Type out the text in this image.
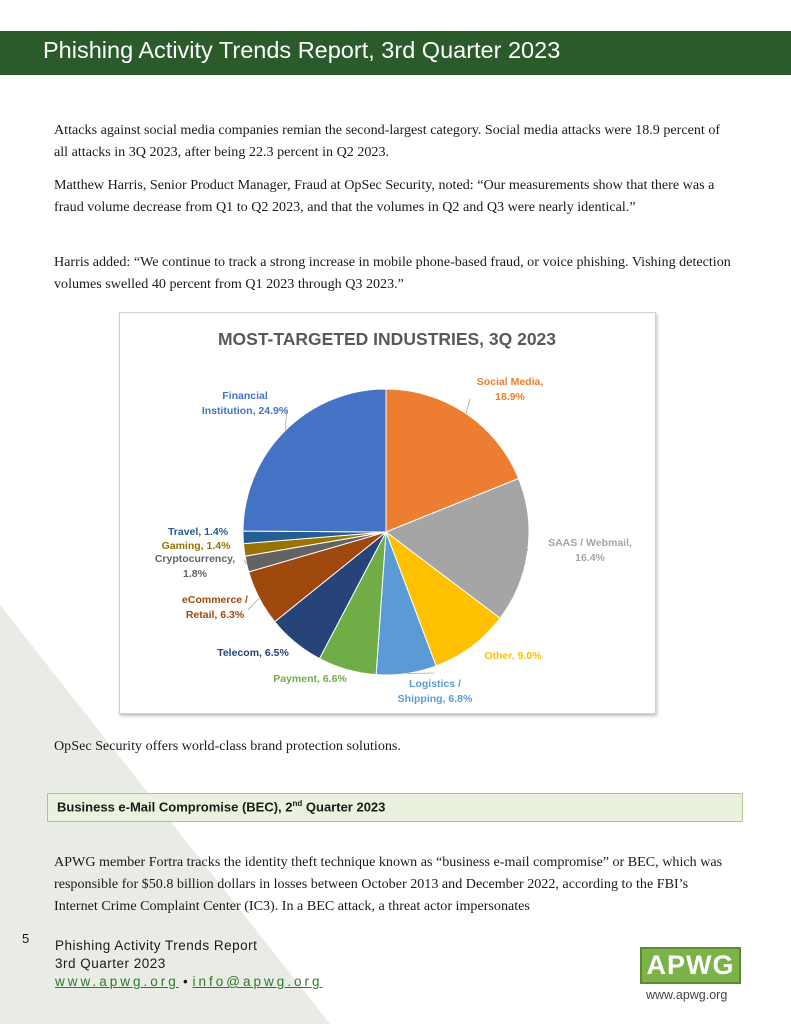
Phishing Activity Trends Report, 3rd Quarter 2023

Attacks against social media companies remian the second-largest category. Social media attacks were 18.9 percent of all attacks in 3Q 2023, after being 22.3 percent in Q2 2023.

Matthew Harris, Senior Product Manager, Fraud at OpSec Security, noted: “Our measurements show that there was a fraud volume decrease from Q1 to Q2 2023, and that the volumes in Q2 and Q3 were nearly identical.”

Harris added: “We continue to track a strong increase in mobile phone-based fraud, or voice phishing. Vishing detection volumes swelled 40 percent from Q1 2023 through Q3 2023.”

MOST-TARGETED INDUSTRIES, 3Q 2023
Social Media, 18.9%
SAAS / Webmail, 16.4%
Other, 9.0%
Logistics / Shipping, 6.8%
Payment, 6.6%
Telecom, 6.5%
eCommerce / Retail, 6.3%
Cryptocurrency, 1.8%
Gaming, 1.4%
Travel, 1.4%
Financial Institution, 24.9%

OpSec Security offers world-class brand protection solutions.

Business e-Mail Compromise (BEC), 2nd Quarter 2023

APWG member Fortra tracks the identity theft technique known as “business e-mail compromise” or BEC, which was responsible for $50.8 billion dollars in losses between October 2013 and December 2022, according to the FBI’s Internet Crime Complaint Center (IC3). In a BEC attack, a threat actor impersonates

5 Phishing Activity Trends Report
3rd Quarter 2023
www.apwg.org • info@apwg.org
APWG
www.apwg.org
